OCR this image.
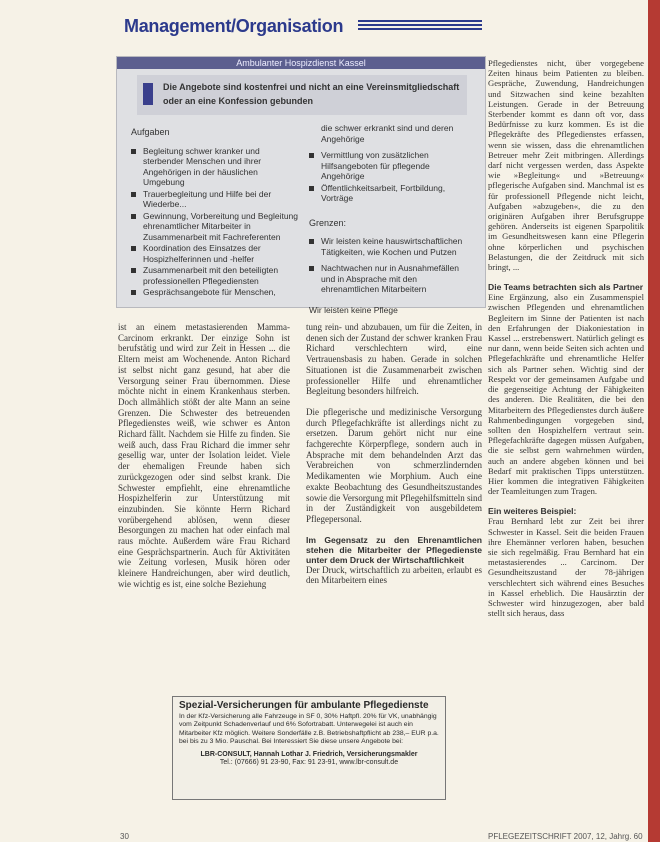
Management/Organisation
Ambulanter Hospizdienst Kassel
Die Angebote sind kostenfrei und nicht an eine Vereinsmitgliedschaft oder an eine Konfession gebunden
Aufgaben
Begleitung schwer kranker und sterbender Menschen und ihrer Angehörigen in der häuslichen Umgebung
Trauerbegleitung und Hilfe bei der Wiederbe...
Gewinnung, Vorbereitung und Begleitung ehrenamtlicher Mitarbeiter in Zusammenarbeit mit Fachreferenten
Koordination des Einsatzes der Hospizhelferinnen und -helfer
Zusammenarbeit mit den beteiligten professionellen Pflegediensten
Gesprächsangebote für Menschen,
die schwer erkrankt sind und deren Angehörige
Vermittlung von zusätzlichen Hilfsangeboten für pflegende Angehörige
Öffentlichkeitsarbeit, Fortbildung, Vorträge
Grenzen:
Wir leisten keine hauswirtschaftlichen Tätigkeiten, wie Kochen und Putzen
Nachtwachen nur in Ausnahmefällen und in Absprache mit den ehrenamtlichen Mitarbeitern
Wir leisten keine Pflege

ist an einem metastasierenden Mamma-Carcinom erkrankt. Der einzige Sohn ist berufstätig und wird zur Zeit in Hessen ... die Eltern meist am Wochenende. Anton Richard ist selbst nicht ganz gesund, hat aber die Versorgung seiner Frau übernommen. Diese möchte nicht in einem Krankenhaus sterben. Doch allmählich stößt der alte Mann an seine Grenzen. Die Schwester des betreuenden Pflegedienstes weiß, wie schwer es Anton Richard fällt. Nachdem sie Hilfe zu finden. Sie weiß auch, dass Frau Richard die immer sehr gesellig war, unter der Isolation leidet. Viele der ehemaligen Freunde haben sich zurückgezogen oder sind selbst krank. Die Schwester empfiehlt, eine ehrenamtliche Hospizhelferin zur Unterstützung mit einzubinden. Sie könnte Herrn Richard vorübergehend ablösen, wenn dieser Besorgungen zu machen hat oder einfach mal raus möchte. Außerdem wäre Frau Richard eine Gesprächspartnerin. Auch für Aktivitäten wie Zeitung vorlesen, Musik hören oder kleinere Handreichungen, aber wird deutlich, wie wichtig es ist, eine solche Beziehung

tung rein- und abzubauen, um für die Zeiten, in denen sich der Zustand der schwer kranken Frau Richard verschlechtern wird, eine Vertrauensbasis zu haben. Gerade in solchen Situationen ist die Zusammenarbeit zwischen professioneller Hilfe und ehrenamtlicher Begleitung besonders hilfreich.

Die pflegerische und medizinische Versorgung durch Pflegefachkräfte ist allerdings nicht zu ersetzen. Darum gehört nicht nur eine fachgerechte Körperpflege, sondern auch in Absprache mit dem behandelnden Arzt das Verabreichen von schmerzlindernden Medikamenten wie Morphium. Auch eine exakte Beobachtung des Gesundheitszustandes sowie die Versorgung mit Pflegehilfsmitteln sind in der Zuständigkeit von ausgebildetem Pflegepersonal.

Im Gegensatz zu den Ehrenamtlichen stehen die Mitarbeiter der Pflegedienste unter dem Druck der Wirtschaftlichkeit

Der Druck, wirtschaftlich zu arbeiten, erlaubt es den Mitarbeitern eines

Pflegedienstes nicht, über vorgegebene Zeiten hinaus beim Patienten zu bleiben. Gespräche, Zuwendung, Handreichungen und Sitzwachen sind keine bezahlten Leistungen. Gerade in der Betreuung Sterbender kommt es dann oft vor, dass Bedürfnisse zu kurz kommen. Es ist die Pflegekräfte des Pflegedienstes erfassen, wenn sie wissen, dass die ehrenamtlichen Betreuer mehr Zeit mitbringen. Allerdings darf nicht vergessen werden, dass Aspekte wie »Begleitung« und »Betreuung« pflegerische Aufgaben sind. Manchmal ist es für professionell Pflegende nicht leicht, Aufgaben »abzugeben«, die zu den originären Aufgaben ihrer Berufsgruppe gehören. Anderseits ist eigenen Sparpolitik im Gesundheitswesen kann eine Pflegerin ohne körperlichen und psychischen Belastungen, die der Zeitdruck mit sich bringt, ...

Die Teams betrachten sich als Partner

Eine Ergänzung, also ein Zusammenspiel zwischen Pflegenden und ehrenamtlichen Begleitern im Sinne der Patienten ist nach den Erfahrungen der Diakoniestation in Kassel ... erstrebenswert. Natürlich gelingt es nur dann, wenn beide Seiten sich achten und Pflegefachkräfte und ehrenamtliche Helfer sich als Partner sehen. Wichtig sind der Respekt vor der gemeinsamen Aufgabe und die gegenseitige Achtung der Fähigkeiten des anderen. Die Realitäten, die bei den Mitarbeitern des Pflegedienstes durch äußere Rahmenbedingungen vorgegeben sind, sollten den Hospizhelfern vertraut sein. Pflegefachkräfte dagegen müssen Aufgaben, die sie selbst gern wahrnehmen würden, auch an andere abgeben können und bei Bedarf mit praktischen Tipps unterstützen. Hier kommen die integrativen Fähigkeiten der Teamleitungen zum Tragen.

Ein weiteres Beispiel:

Frau Bernhard lebt zur Zeit bei ihrer Schwester in Kassel. Seit die beiden Frauen ihre Ehemänner verloren haben, besuchen sie sich regelmäßig. Frau Bernhard hat ein metastasierendes ... Carcinom. Der Gesundheitszustand der 78-jährigen verschlechtert sich während eines Besuches in Kassel erheblich. Die Hausärztin der Schwester wird hinzugezogen, aber bald stellt sich heraus, dass

Spezial-Versicherungen für ambulante Pflegedienste

In der Kfz-Versicherung alle Fahrzeuge in SF 0, 30% Haftpfl. 20% für VK, unabhängig vom Zeitpunkt Schadenverlauf und 6% Sofortrabatt. Unterwegelei ist auch ein Mitarbeiter Kfz möglich. Weitere Sonderfälle z.B. Betriebshaftpflicht ab 238,– EUR p.a. bei bis zu 3 Mio. Pauschal. Bei Interessiert Sie diese unsere Angebote bei:

LBR-CONSULT, Hannah Lothar J. Friedrich, Versicherungsmakler
Tel.: (07666) 91 23-90, Fax: 91 23-91, www.lbr-consult.de
30	PFLEGEZEITSCHRIFT 2007, 12, Jahrg. 60
